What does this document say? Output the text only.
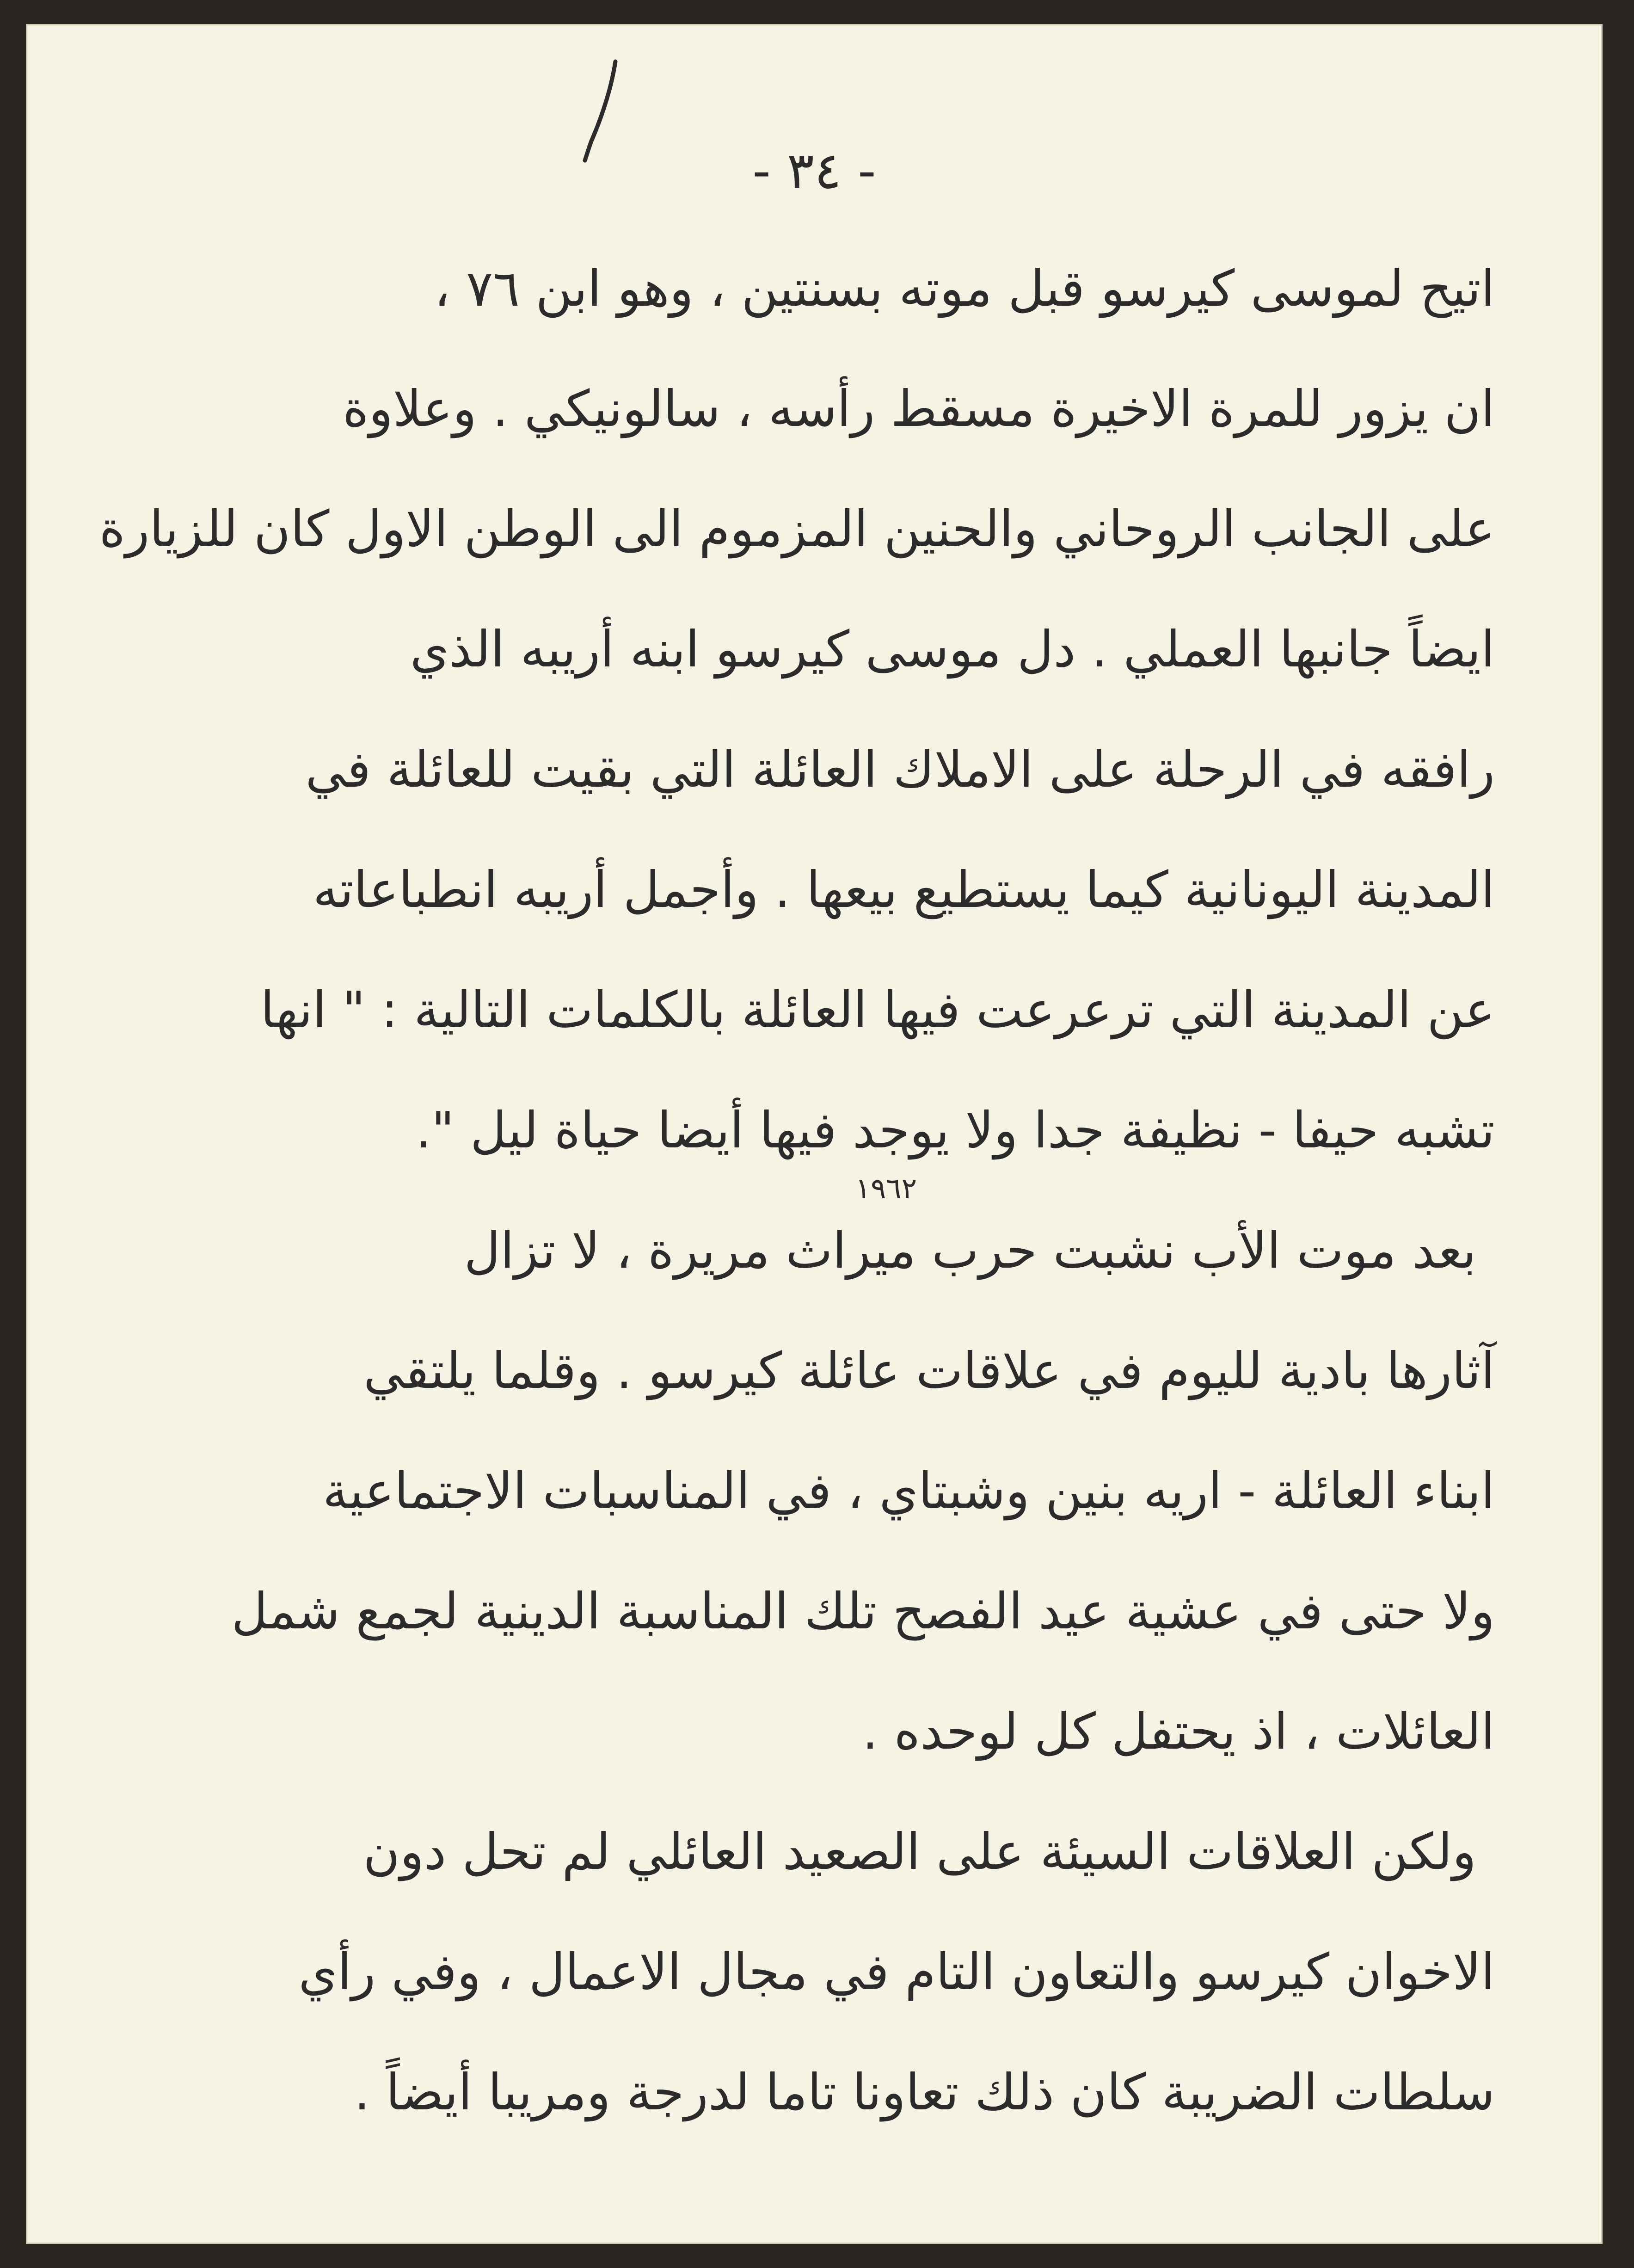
- ٣٤ -
اتيح لموسى كيرسو قبل موته بسنتين ، وهو ابن ٧٦ ،
ان يزور للمرة الاخيرة مسقط رأسه ، سالونيكي . وعلاوة
على الجانب الروحاني والحنين المزموم الى الوطن الاول كان للزيارة
ايضاً جانبها العملي . دل موسى كيرسو ابنه أريبه الذي
رافقه في الرحلة على الاملاك العائلة التي بقيت للعائلة في
المدينة اليونانية كيما يستطيع بيعها . وأجمل أريبه انطباعاته
عن المدينة التي ترعرعت فيها العائلة بالكلمات التالية : " انها
تشبه حيفا - نظيفة جدا ولا يوجد فيها أيضا حياة ليل ".
١٩٦٢
بعد موت الأب نشبت حرب ميراث مريرة ، لا تزال
آثارها بادية لليوم في علاقات عائلة كيرسو . وقلما يلتقي
ابناء العائلة - اريه بنين وشبتاي ، في المناسبات الاجتماعية
ولا حتى في عشية عيد الفصح تلك المناسبة الدينية لجمع شمل
العائلات ، اذ يحتفل كل لوحده .
ولكن العلاقات السيئة على الصعيد العائلي لم تحل دون
الاخوان كيرسو والتعاون التام في مجال الاعمال ، وفي رأي
سلطات الضريبة كان ذلك تعاونا تاما لدرجة ومريبا أيضاً .
